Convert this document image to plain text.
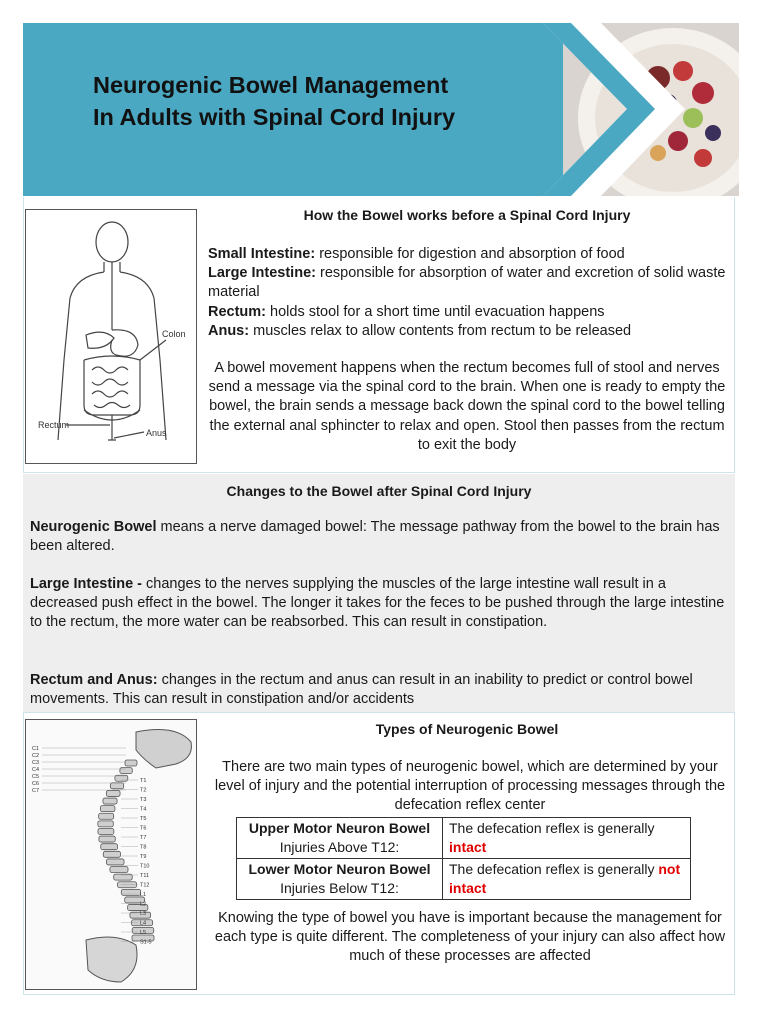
Neurogenic Bowel Management
In Adults with Spinal Cord Injury
Colon
Rectum
Anus
How the Bowel works before a Spinal Cord Injury
Small Intestine: responsible for digestion and absorption of food
Large Intestine: responsible for absorption of water and excretion of solid waste material
Rectum: holds stool for a short time until evacuation happens
Anus: muscles relax to allow contents from rectum to be released
A bowel movement happens when the rectum becomes full of stool and nerves send a message via the spinal cord to the brain. When one is ready to empty the bowel, the brain sends a message back down the spinal cord to the bowel telling the external anal sphincter to relax and open. Stool then passes from the rectum to exit the body
Changes to the Bowel after Spinal Cord Injury
Neurogenic Bowel means a nerve damaged bowel: The message pathway from the bowel to the brain has been altered.
Large Intestine - changes to the nerves supplying the muscles of the large intestine wall result in a decreased push effect in the bowel. The longer it takes for the feces to be pushed through the large intestine to the rectum, the more water can be reabsorbed. This can result in constipation.
Rectum and Anus: changes in the rectum and anus can result in an inability to predict or control bowel movements. This can result in constipation and/or accidents
C1
C2
C3
C4
C5
C6
C7
T1
T2
T3
T4
T5
T6
T7
T8
T9
T10
T11
T12
L1
L2
L3
L4
L5
S1-5
Types of Neurogenic Bowel
There are two main types of neurogenic bowel, which are determined by your level of injury and the potential interruption of processing messages through the defecation reflex center
Upper Motor Neuron Bowel Injuries Above T12:	The defecation reflex is generally intact
Lower Motor Neuron Bowel Injuries Below T12:	The defecation reflex is generally not intact
Knowing the type of bowel you have is important because the management for each type is quite different. The completeness of your injury can also affect how much of these processes are affected
